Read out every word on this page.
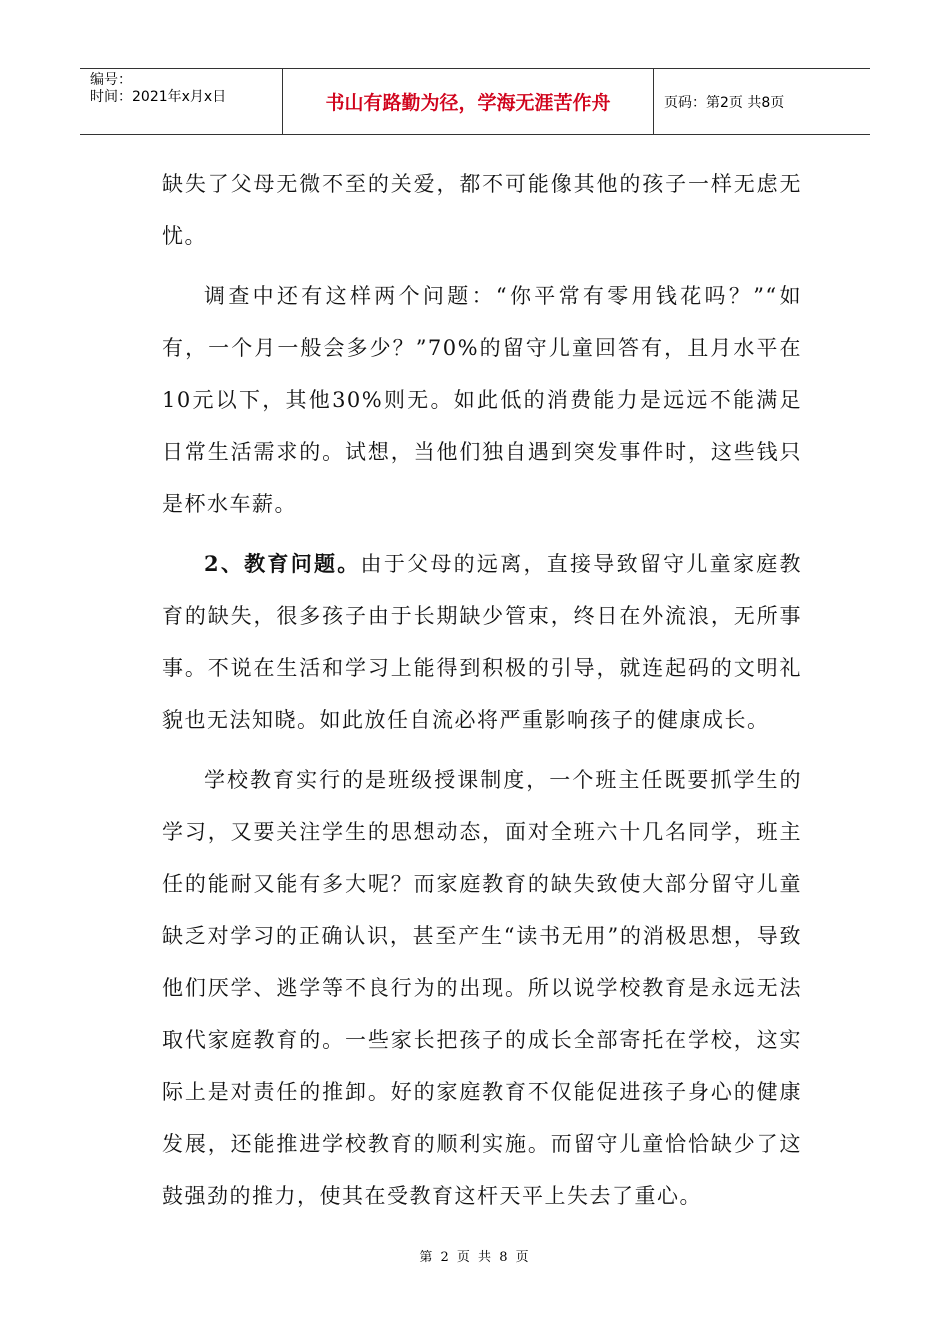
编号：
时间：2021年x月x日	书山有路勤为径，学海无涯苦作舟	页码：第2页 共8页

缺失了父母无微不至的关爱，都不可能像其他的孩子一样无虑无忧。

调查中还有这样两个问题：“你平常有零用钱花吗？”“如有，一个月一般会多少？”70%的留守儿童回答有，且月水平在10元以下，其他30%则无。如此低的消费能力是远远不能满足日常生活需求的。试想，当他们独自遇到突发事件时，这些钱只是杯水车薪。

2、教育问题。由于父母的远离，直接导致留守儿童家庭教育的缺失，很多孩子由于长期缺少管束，终日在外流浪，无所事事。不说在生活和学习上能得到积极的引导，就连起码的文明礼貌也无法知晓。如此放任自流必将严重影响孩子的健康成长。

学校教育实行的是班级授课制度，一个班主任既要抓学生的学习，又要关注学生的思想动态，面对全班六十几名同学，班主任的能耐又能有多大呢？而家庭教育的缺失致使大部分留守儿童缺乏对学习的正确认识，甚至产生“读书无用”的消极思想，导致他们厌学、逃学等不良行为的出现。所以说学校教育是永远无法取代家庭教育的。一些家长把孩子的成长全部寄托在学校，这实际上是对责任的推卸。好的家庭教育不仅能促进孩子身心的健康发展，还能推进学校教育的顺利实施。而留守儿童恰恰缺少了这鼓强劲的推力，使其在受教育这杆天平上失去了重心。

第 2 页 共 8 页
